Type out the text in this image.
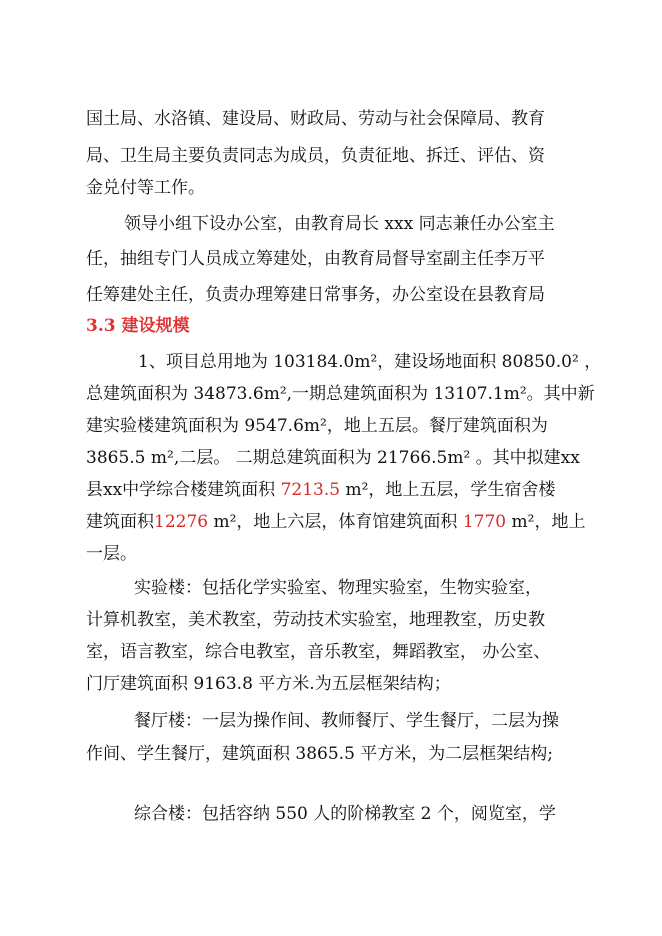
国土局、水洛镇、建设局、财政局、劳动与社会保障局、教育
局、卫生局主要负责同志为成员，负责征地、拆迁、评估、资
金兑付等工作。
领导小组下设办公室，由教育局长 xxx 同志兼任办公室主
任，抽组专门人员成立筹建处，由教育局督导室副主任李万平
任筹建处主任，负责办理筹建日常事务，办公室设在县教育局
3.3 建设规模
1、项目总用地为 103184.0m²，建设场地面积 80850.0² ，
总建筑面积为 34873.6m²,一期总建筑面积为 13107.1m²。其中新
建实验楼建筑面积为 9547.6m²，地上五层。餐厅建筑面积为
3865.5 m²,二层。 二期总建筑面积为 21766.5m² 。其中拟建xx
县xx中学综合楼建筑面积 7213.5 m²，地上五层，学生宿舍楼
建筑面积12276 m²，地上六层，体育馆建筑面积 1770 m²，地上
一层。
实验楼：包括化学实验室、物理实验室，生物实验室，
计算机教室，美术教室，劳动技术实验室，地理教室，历史教
室，语言教室，综合电教室，音乐教室，舞蹈教室， 办公室、
门厅建筑面积 9163.8 平方米.为五层框架结构；
餐厅楼：一层为操作间、教师餐厅、学生餐厅，二层为操
作间、学生餐厅，建筑面积 3865.5 平方米，为二层框架结构;
综合楼：包括容纳 550 人的阶梯教室 2 个，阅览室，学
